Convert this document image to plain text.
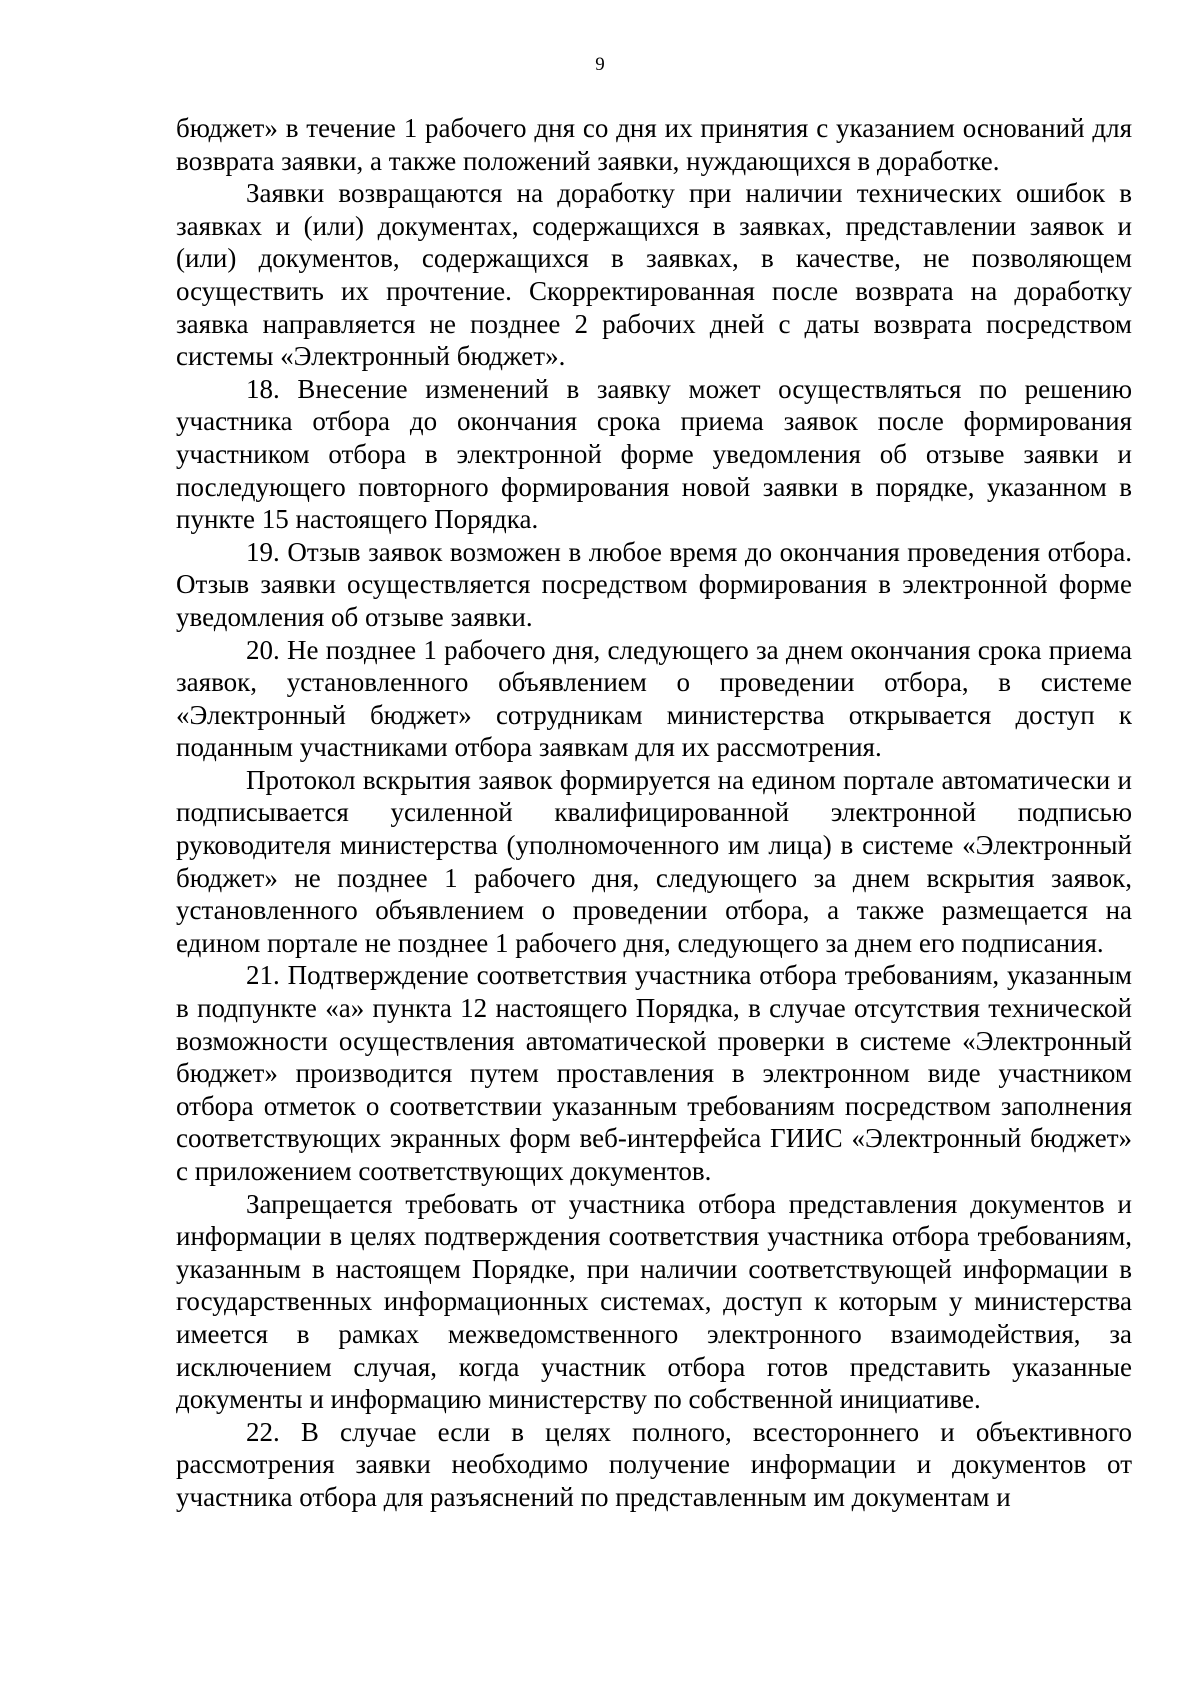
9

бюджет» в течение 1 рабочего дня со дня их принятия с указанием оснований для возврата заявки, а также положений заявки, нуждающихся в доработке.

Заявки возвращаются на доработку при наличии технических ошибок в заявках и (или) документах, содержащихся в заявках, представлении заявок и (или) документов, содержащихся в заявках, в качестве, не позволяющем осуществить их прочтение. Скорректированная после возврата на доработку заявка направляется не позднее 2 рабочих дней с даты возврата посредством системы «Электронный бюджет».

18. Внесение изменений в заявку может осуществляться по решению участника отбора до окончания срока приема заявок после формирования участником отбора в электронной форме уведомления об отзыве заявки и последующего повторного формирования новой заявки в порядке, указанном в пункте 15 настоящего Порядка.

19. Отзыв заявок возможен в любое время до окончания проведения отбора. Отзыв заявки осуществляется посредством формирования в электронной форме уведомления об отзыве заявки.

20. Не позднее 1 рабочего дня, следующего за днем окончания срока приема заявок, установленного объявлением о проведении отбора, в системе «Электронный бюджет» сотрудникам министерства открывается доступ к поданным участниками отбора заявкам для их рассмотрения.

Протокол вскрытия заявок формируется на едином портале автоматически и подписывается усиленной квалифицированной электронной подписью руководителя министерства (уполномоченного им лица) в системе «Электронный бюджет» не позднее 1 рабочего дня, следующего за днем вскрытия заявок, установленного объявлением о проведении отбора, а также размещается на едином портале не позднее 1 рабочего дня, следующего за днем его подписания.

21. Подтверждение соответствия участника отбора требованиям, указанным в подпункте «а» пункта 12 настоящего Порядка, в случае отсутствия технической возможности осуществления автоматической проверки в системе «Электронный бюджет» производится путем проставления в электронном виде участником отбора отметок о соответствии указанным требованиям посредством заполнения соответствующих экранных форм веб-интерфейса ГИИС «Электронный бюджет» с приложением соответствующих документов.

Запрещается требовать от участника отбора представления документов и информации в целях подтверждения соответствия участника отбора требованиям, указанным в настоящем Порядке, при наличии соответствующей информации в государственных информационных системах, доступ к которым у министерства имеется в рамках межведомственного электронного взаимодействия, за исключением случая, когда участник отбора готов представить указанные документы и информацию министерству по собственной инициативе.

22. В случае если в целях полного, всестороннего и объективного рассмотрения заявки необходимо получение информации и документов от участника отбора для разъяснений по представленным им документам и
